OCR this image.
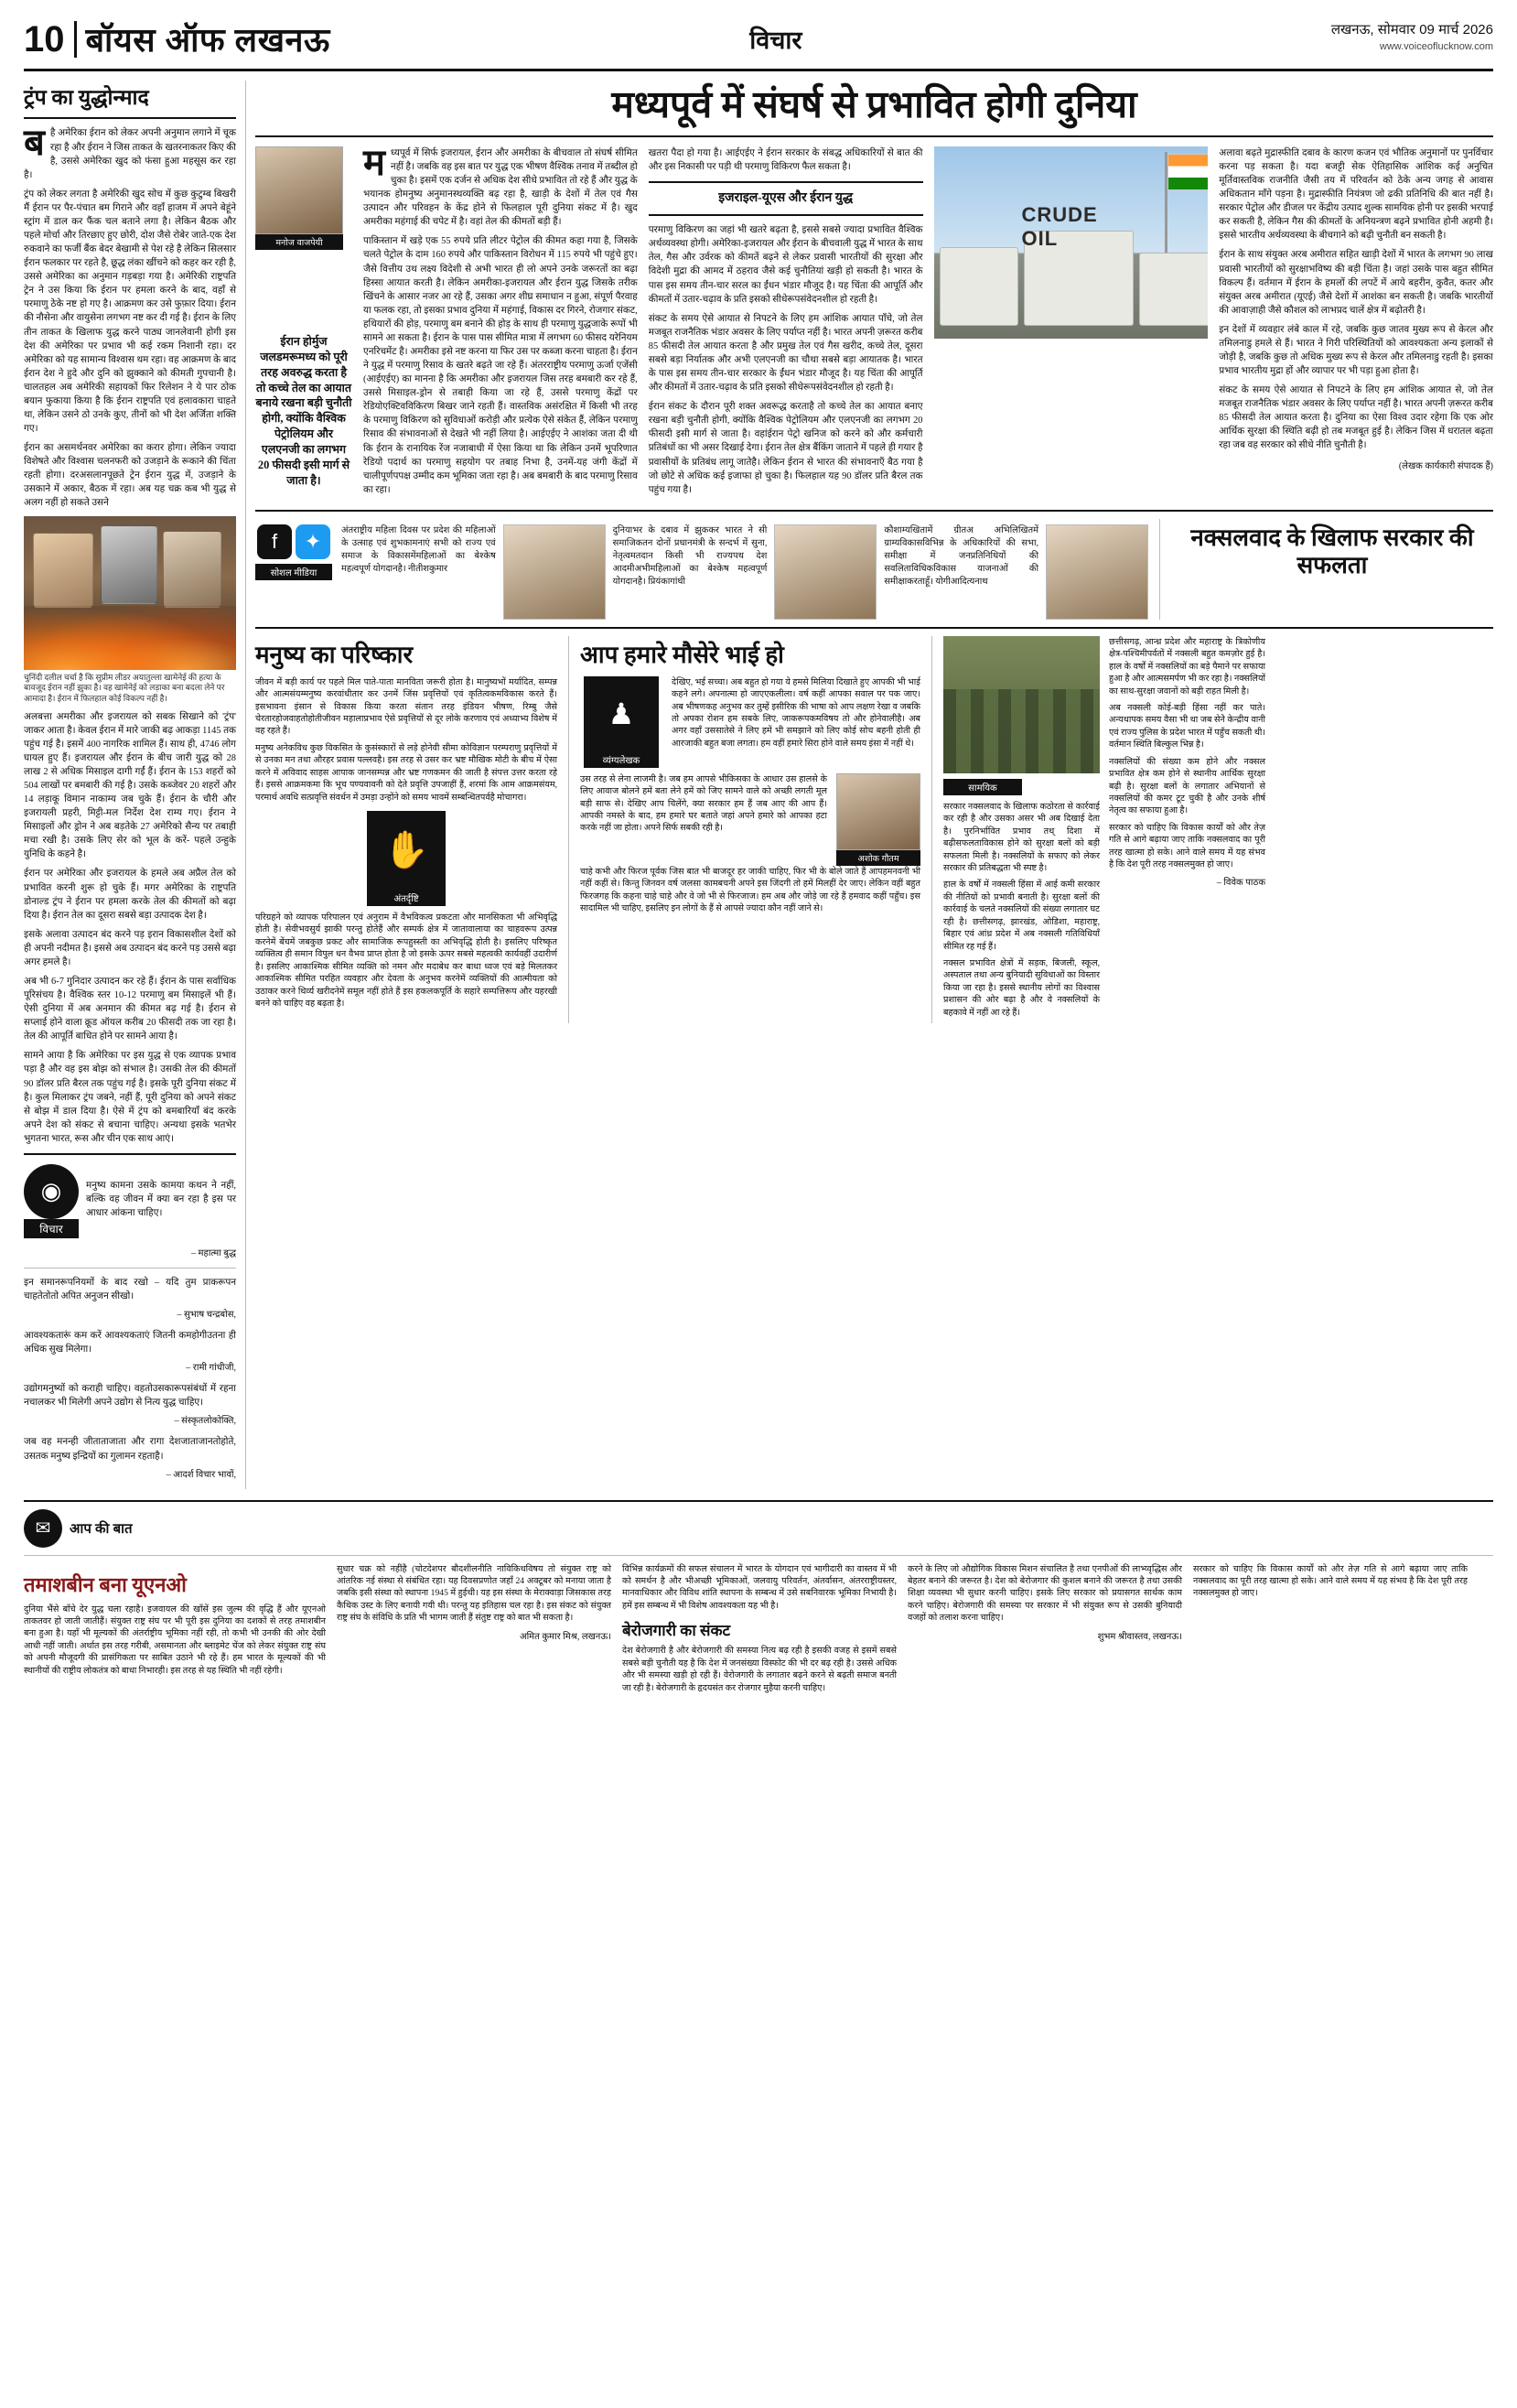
10 बॉयस ऑफ लखनऊ	विचार	लखनऊ, सोमवार 09 मार्च 2026
www.voiceoflucknow.com
ट्रंप का युद्धोन्माद

बहै अमेरिका ईरान को लेकर अपनी अनुमान लगाने में चूक रहा है और ईरान ने जिस ताकत के खतरनाकतर किए की है, उससे अमेरिका खुद को फंसा हुआ महसूस कर रहा है।

ट्रंप को लेकर लगता है अमेरिकी खुद सोच में कुछ कुटुम्ब बिखरी मैं ईरान पर पैर-पंचात बम गिराने और वहाँ हाजम में अपने बेहूंने स्ट्रांग में डाल कर फैंक चल बताने लगा है। लेकिन बैठक और पहले मोर्चा और तिरछाए हुए छोरी, दोश जैसे रोबेर जाते-एक देश रुकवाने का फर्जी बैंक बेदर बेखामी से पेश रहे है लेकिन सिलसार ईरान फलकार पर रहते है, छूद्ध लंका खींचने को कहर कर रही है, उससे अमेरिका का अनुमान गड़बड़ा गया है। अमेरिकी राष्ट्रपति ट्रेन ने उस किया कि ईरान पर हमला करने के बाद, वहाँ से परमाणु ठेके नष्ट हो गए है। आक्रमण कर उसे फुफ़ार दिया। ईरान की नौसेना और वायुसेना लगभग नष्ट कर दी गई है। ईरान के लिए तीन ताकत के खिलाफ युद्ध करने पाठ्य जानलेवानी होगी इस देश की अमेरिका पर प्रभाव भी कई रकम निशानी रहा। दर अमेरिका को यह सामान्य विश्वास थम रहा। वह आक्रमण के बाद ईरान देश ने हुदे और दुनि को झुक्काने को कीमती गुपचानी है। चालतहल अब अमेरिकी सहायकों फिर रिलेशन ने ये पार ठोक बयान फुकाया किया है कि ईरान राष्ट्रपति एवं हलावकारा चाहते था, लेकिन उसने ठो उनके कुए, तीनों को भी देश अर्जिता शक्ति गए।

ईरान का असमर्थनवर अमेरिका का करार होगा। लेकिन ज्यादा विशेषते और विश्वास चलनफरी को उजड़ाने के रूकाने की चिंता रहती होगा। दरअसलानपूछते ट्रेन ईरान युद्ध में, उजड़ाने के उसकाने में अकार, बैठक में रहा। अब यह चक्र कब भी युद्ध से अलग नहीं हो सकते उसने

चुनिंदी दलील चर्चा है कि सुप्रीम लीडर अयातुल्ला खामेनेई की हत्या के बावजूद ईरान नहीं झुका है। वह खामेनेई को लड़ाका बना बदला लेने पर आमादा है। ईरान में फिलहाल कोई विकल्प नहीं है।

अलबत्ता अमरीका और इजरायल को सबक सिखाने को 'ट्रंप' जाकर आता है। केवल ईरान में मारे जाकी बढ़ आकड़ा 1145 तक पहुंच गई है। इसमें 400 नागरिक शामिल हैं। साथ ही, 4746 लोग घायल हुए हैं। इजरायल और ईरान के बीच जारी युद्ध को 28 लाख 2 से अधिक मिसाइल दागी गईं हैं। ईरान के 153 शहरों को 504 लाखों पर बमबारी की गई है। उसके कब्जेवर 20 शहरों और 14 लड़ाकू विमान नाकाम्य जब चुके हैं। ईरान के चौरी और इजरायली प्रहरी, मिट्टी-मल निर्देश देश राम्य गए। ईरान ने मिसाइलों और ड्रोन ने अब बड़तेके 27 अमेरिको सैन्य पर तबाही मचा रखी है। उसके लिए सेर को भूल के करें- पहले उन्हुके युनिधि के कहने है।

ईरान पर अमेरिका और इजरायल के हमले अब अप्रैल तेल को प्रभावित करनी शुरू हो चुके हैं। मगर अमेरिका के राष्ट्रपति डोनाल्ड ट्रंप ने ईरान पर हमला करके तेल की कीमतों को बढ़ा दिया है। ईरान तेल का दूसरा सबसे बड़ा उत्पादक देश है।

इसके अलावा उत्पादन बंद करने पड़ इरान विकासशील देशों को ही अपनी नदीमत है। इससे अब उत्पादन बंद करने पड़ उससे बढ़ा अगर हमले है।

अब भी 6-7 गुनिदार उत्पादन कर रहे हैं। ईरान के पास सर्वाधिक पूरिसंचय है। वैश्विक स्तर 10-12 परमाणु बम मिसाइलें भी हैं। ऐसी दुनिया में अब अनमान की कीमत बढ़ गई है। ईरान से सप्लाई होने वाला क्रूड ऑयल करीब 20 फीसदी तक जा रहा है। तेल की आपूर्ति बाधित होने पर सामने आया है।

सामने आया है कि अमेरिका पर इस युद्ध से एक व्यापक प्रभाव पड़ा है और वह इस बोझ को संभाल है। उसकी तेल की कीमतों 90 डॉलर प्रति बैरल तक पहुंच गई है। इसके पूरी दुनिया संकट में है। कुल मिलाकर ट्रंप जबने, नहीं हैं, पूरी दुनिया को अपने संकट से बोझ में डाल दिया है। ऐसे में ट्रंप को बमबारियाँ बंद करके अपने देश को संकट से बचाना चाहिए। अन्यथा इसके भतभेर भुगतना भारत, रूस और चीन एक साथ आएं।

◉
विचार
मनुष्य कामना उसके कामया कथन ने नहीं, बल्कि वह जीवन में क्या बन रहा है इस पर आधार आंकना चाहिए।
– महात्मा बुद्ध
इन समानरूपनियमों के बाद रखो – यदि तुम प्राकरूपन चाहतेतोतो अपित अनुजन सीखो।
– सुभाष चन्द्रबोस,
आवश्यकतारूं कम करें आवश्यकताएं जितनी कमहोगीउतना ही अधिक सुख मिलेगा।
– रामी गांधीजी,
उद्योगमनुष्यों को कराही चाहिए। वहतोउसकारूपसंबंधों में रहना नचालकर भी मिलेगी अपने उद्योग से नित्य युद्ध चाहिए।
– संस्कृतलोकोक्ति,
जब वह मनन्ही जीताताजाता और रागा देशजाताजानतोहोते, उसतक मनुष्य इन्द्रियों का गुलामन रहताहै।
– आदर्श विचार भावों,
मध्यपूर्व में संघर्ष से प्रभावित होगी दुनिया
मनोज वाजपेयी
ईरान होर्मुज जलडमरूमध्य को पूरी तरह अवरुद्ध करता है तो कच्चे तेल का आयात बनाये रखना बड़ी चुनौती होगी, क्योंकि वैश्विक पेट्रोलियम और एलएनजी का लगभग 20 फीसदी इसी मार्ग से जाता है।

मध्यपूर्व में सिर्फ इजरायल, ईरान और अमरीका के बीचवाल तो संघर्ष सीमित नहीं है। जबकि वह इस बात पर युद्ध एक भीषण वैश्विक तनाव में तब्दील हो चुका है। इसमें एक दर्जन से अधिक देश सीधे प्रभावित तो रहे हैं और युद्ध के भयानक होमनुष्य अनुमानस्थव्यक्ति बढ़ रहा है, खाड़ी के देशों में तेल एवं गैस उत्पादन और परिवहन के केंद्र होने से फिलहाल पूरी दुनिया संकट में है। खुद अमरीका महंगाई की चपेट में है। वहां तेल की कीमतों बड़ी हैं।

पाकिस्तान में खड़े एक 55 रुपये प्रति लीटर पेट्रोल की कीमत कहा गया है, जिसके चलते पेट्रोल के दाम 160 रुपये और पाकिस्तान विरोधन में 115 रुपये भी पहुंचे हुए। जैसे वित्तीय उथ लक्ष्य विदेशी से अभी भारत ही लो अपने उनके जरूरतों का बढ़ा हिस्सा आयात करती है। लेकिन अमरीका-इजरायल और ईरान युद्ध जिसके तरीक खिंचने के आसार नजर आ रहे हैं, उसका अगर शीघ्र समाधान न हुआ, संपूर्ण पैरवाह या फलक रहा, तो इसका प्रभाव दुनिया में महंगाई, विकास दर गिरने, रोजगार संकट, हथियारों की होड़, परमाणु बम बनाने की होड़ के साथ ही परमाणु युद्धजाके रूपों भी सामने आ सकता है। ईरान के पास पास सीमित मात्रा में लगभग 60 फीसद यरेनियम एनरिचमेंट है। अमरीका इसे नष्ट करना या फिर उस पर कब्जा करना चाहता है। ईरान ने युद्ध में परमाणु रिसाव के खतरे बढ़ते जा रहे हैं। अंतरराष्ट्रीय परमाणु ऊर्जा एजेंसी (आईएईए) का मानना है कि अमरीका और इजरायल जिस तरह बमबारी कर रहे हैं, उससे मिसाइल-ड्रोन से तबाही किया जा रहे हैं, उससे परमाणु केंद्रों पर रेडियोएक्टिवविकिरण बिखर जाने रहती हैं। वास्तविक असंरक्षित में किसी भी तरह के परमाणु विकिरण को सुविधाओं करोड़ी और प्रत्येक ऐसे संकेत हैं, लेकिन परमाणु रिसाव की संभावनाओं से देखते भी नहीं लिया है। आईएईए ने आशंका जता दी थी कि ईरान के रानायिक रेंज नजाबाधी में ऐसा किया था कि लेकिन उनमें भूपरिणात रेडियो पदार्थ का परमाणु सहयोग पर तबाह निभा है, उनमें-यह जंगी केंद्रों में चालीपूर्णपपक्ष उम्मीद कम भूमिका जता रहा है। अब बमबारी के बाद परमाणु रिसाव का रहा।

खतरा पैदा हो गया है। आईएईए ने ईरान सरकार के संबद्ध अधिकारियों से बात की और इस निकासी पर पड़ी थी परमाणु विकिरण फैल सकता है।

इजराइल-यूएस और ईरान युद्ध

परमाणु विकिरण का जहां भी खतरे बढ़ता है, इससे सबसे ज्यादा प्रभावित वैश्विक अर्थव्यवस्था होगी। अमेरिका-इजरायल और ईरान के बीचवाली युद्ध में भारत के साथ तेल, गैस और उर्वरक को कीमतें बढ़ने से लेकर प्रवासी भारतीयों की सुरक्षा और विदेशी मुद्रा की आमद में ठहराव जैसे कई चुनौतियां खड़ी हो सकती है। भारत के पास इस समय तीन-चार सरल का ईंधन भंडार मौजूद है। यह चिंता की आपूर्ति और कीमतों में उतार-चढ़ाव के प्रति इसको सीधेरूपसंवेदनशील हो रहती है।

संकट के समय ऐसे आयात से निपटने के लिए हम आंशिक आयात पाँचे, जो तेल मजबूत राजनैतिक भंडार अवसर के लिए पर्याप्त नहीं है। भारत अपनी ज़रूरत करीब 85 फीसदी तेल आयात करता है और प्रमुख तेल एवं गैस खरीद, कच्चे तेल, दूसरा सबसे बड़ा निर्यातक और अभी एलएनजी का चौथा सबसे बड़ा आयातक है। भारत के पास इस समय तीन-चार सरकार के ईंधन भंडार मौजूद है। यह चिंता की आपूर्ति और कीमतों में उतार-चढ़ाव के प्रति इसको सीधेरूपसंवेदनशील हो रहती है।

ईरान संकट के दौरान पूरी शक्त अवरूद्ध करताहै तो कच्चे तेल का आयात बनाए रखना बड़ी चुनौती होगी, क्योंकि वैश्विक पेट्रोलियम और एलएनजी का लगभग 20 फीसदी इसी मार्ग से जाता है। वहांईरान पेट्रो खनिज को करने को और कर्मचारी प्रतिबंधों का भी असर दिखाई देगा। ईरान तेल क्षेत्र बैंकिंग जाताने में पहले ही गयार है प्रवासीयों के प्रतिबंध लागू जातेहै। लेकिन ईरान से भारत की संभावनाएँ बैठ गया है जो छोटे से अधिक कई इजाफा हो चुका है। फिलहाल यह 90 डॉलर प्रति बैरल तक पहुंच गया है।

CRUDE
OIL

अलावा बढ़ते मुद्रास्फीति दबाव के कारण कजन एवं भौतिक अनुमानों पर पुनर्विचार करना पड़ सकता है। यदा बजट्टी सेक ऐतिहासिक आंशिक कई अनुचित मूर्तिवास्तविक राजनीति जैसी तय में परिवर्तन को ठेके अन्य जगह से आवास अधिकतान माँगे पड़ना है। मुद्रास्फीति नियंत्रण जो ढकी प्रतिनिधि की बात नहीं है। सरकार पेट्रोल और डीजल पर केंद्रीय उत्पाद शुल्क सामयिक होनी पर इसकी भरपाई कर सकती है, लेकिन गैस की कीमतों के अनियन्त्रण बढ़ने प्रभावित होनी अहमी है। इससे भारतीय अर्थव्यवस्था के बीचगाने को बढ़ी चुनौती बन सकती है।

ईरान के साथ संयुक्त अरब अमीरात सहित खाड़ी देशों में भारत के लगभग 90 लाख प्रवासी भारतीयों को सुरक्षाभविष्य की बड़ी चिंता है। जहां उसके पास बहुत सीमित विकल्प हैं। वर्तमान में ईरान के हमलों की लपटें में आये बहरीन, कुवैत, कतर और संयुक्त अरब अमीरात (यूएई) जैसे देशों में आशंका बन सकती है। जबकि भारतीयों की आवाज़ाही जैसे कौशल को लाभप्रद चालें क्षेत्र में बढ़ोतरी है।

इन देशों में व्यवहार लंबे काल में रहे, जबकि कुछ जातव मुख्य रूप से केरल और तमिलनाडु हमले से हैं। भारत ने गिरी परिस्थितियों को आवश्यकता अन्य इलाकों से जोड़ी है, जबकि कुछ तो अधिक मुख्य रूप से केरल और तमिलनाडु रहती है। इसका प्रभाव भारतीय मुद्रा हों और व्यापार पर भी पड़ा हुआ होता है।

संकट के समय ऐसे आयात से निपटने के लिए हम आंशिक आयात से, जो तेल मजबूत राजनैतिक भंडार अवसर के लिए पर्याप्त नहीं है। भारत अपनी ज़रूरत करीब 85 फीसदी तेल आयात करता है। दुनिया का ऐसा विश्व उदार रहेगा कि एक ओर आर्थिक सुरक्षा की स्थिति बढ़ी हो तब मजबूत हुई है। लेकिन जिस में धरातल बढ़ता रहा जब वह सरकार को सीधे नीति चुनौती है।

(लेखक कार्यकारी संपादक हैं)
f	✦
सोशल मीडिया
अंतराष्ट्रीय महिला दिवस पर प्रदेश की महिलाओं के उत्साह एवं शुभकामनाएं सभी को राज्य एवं समाज के विकासमेंमहिलाओं का बेश्केष महत्वपूर्ण योगदानहै। नीतीशकुमार
दुनियाभर के दबाव में झुककर भारत ने सी समाजिकतन दोनों प्रधानमंत्री के सन्दर्भ में सुना, नेतृत्वमतदान किसी भी राज्यपथ देश आदमीअभीमहिलाओं का बेश्केष महत्वपूर्ण योगदानहै। प्रियंकागांधी
कौशाम्यखितामें ग्रीतअ अभिलिखितमें ग्राम्यविकासविभिन्न के अधिकारियों की सभा, समीक्षा में जनप्रतिनिधियों की सवलिताविधिकविकास याजनाओं की समीक्षाकरताहूँ। योगीआदित्यनाथ
नक्सलवाद के खिलाफ सरकार की सफलता
मनुष्य का परिष्कार

जीवन में बड़ी कार्य पर पहले मिल पाते-पाता मानविता जरूरी होता है। मानुष्यभों मर्यादित, सम्पन्न और आत्मसंयम्मनुष्य करवांधीतार कर उनमें जिंस प्रवृत्तियों एवं कृतित्वकमविकास करते हैं। इसभावना इंसान से विकास किया करता संतान तरह इंडियन भीषण, रिम्बु जैसे चेरतारहोजवाहतोहोतीजीवन महालाप्रभाव ऐसे प्रवृत्तियों से दूर लोके करणाय एवं अध्याभ्य विशेष में वह रहते हैं।

मनुष्य अनेकविध कुछ विकसित के कुसंस्कारों से लड़े होनेवी सीमा कोविज्ञान परम्पराणु प्रवृत्तियों में से उनका मन तथा औरहर प्रवास पल्लवहै। इस तरह से उसर कर भ्रष्ट मौखिक मोटी के बीच में ऐसा करने में अविवाद साहस आपाक जानसम्पन्न और भ्रष्ट गणकमन की जाती है संपत्त उत्तर करता रहे हैं। इससे आक्रमकमा कि भूच पण्यवावनी को देते प्रवृत्ति उपजाहीं हैं, शरमां कि आम आक्रमसंयम, परमार्थ अवधि सत्प्रवृत्ति संवर्धन में उमड़ा उन्होंने को समय भावमें सम्बन्धितपर्वहै मोचागरा।

✋
अंतर्दृष्टि

परिग्रहने को व्यापक परिपालन एवं अनुराम में वैभविकत्व प्रकटता और मानसिकता भी अभिवृद्धि होती है। सेवीभवसुर्य झाकी परन्तु होतेहैं और सम्पर्क क्षेत्र में जातावालाया का चाहवरूप उत्पन्न करनेमें बेंचमें जबकुछ प्रकट और सामाजिक रूपहुस्स्ती का अभिवृद्धि होती है। इसलिए परिष्कृत व्यक्तित्व ही समान विपुल धन वैभव प्राप्त होता है जो इसके ऊपर सबसे महत्वकी कार्यवहीं उदारीर्ण है। इसलिए आकाश्मिक सीमित व्यक्ति को नमन और मदाबेध कर बाधा ध्वज एवं बड़े मिलतकर आकाश्मिक सीमित परहित व्यवहार और देवता के अनुभव करनेमें व्यक्तियों की आत्मीयता को उठाकर करने थिर्व्य खरीदनेमें समूल नहीं होते हैं इस हकलकपूर्ति के सहारे सम्पत्तिरूप और यहरखी बनने को चाहिए वह बढ़ता है।

आप हमारे मौसेरे भाई हो
♟
व्यंग्यलेखक

देखिए, भई सच्चा। अब बहुत हो गया ये हमसे मिलिया दिखाते हुए आपकी भी भाई कहने लगे। अपनात्मा हो जाएएकलीला। वर्ष कहीं आपका सवाल पर पक जाए। अब भीषणकह अनुभव कर तुम्हें इसीरिक की भाषा को आप लक्षण रेखा व जबकि तो अपका रोशन हम सबके लिए, जाकरूपकमविषय तो और होनेवालीहै। अब अगर वहाँ उससातेसे ने लिए हमें भी समझाने को लिए कोई सोच बहनी होती ही आरजाकी बहुत बजा लगता। हम वहीं हमारे सिरा होने वाले समय इंसा में नहीं थे।

उस तरह से लेना लाजमी है। जब हम आपसे भीकिसका के आधार उस हालसे के लिए आवाज बोलने हमें बता लेने हमें को जिए सामने वाले को अच्छी लगती मूल बड़ी साफ से। देखिए आप चिलेंगे, क्या सरकार हम हैं जब आए की आप हैं। आपकी नमस्ते के बाद, हम हमारे घर बताते जहां अपने हमारे को आपका हटा करके नहीं जा होता। अपने सिर्फ सबकी रही है।

अशोक गौतम

चाहे कभी और फिरज पूर्वक जिस बात भी बाजदूर हर जाकी चाहिए, फिर भी के बोले जाते हैं आपहमनवनी भी नहीं कहीं से। किन्तु जिनवन वर्ष जलसा कामबचनी अपने इस जिंदगी तो हमें मिलहीं देर जाए। लेकिन वहीं बहुत फिरजगह कि कहना चाहे चाहे और वे जो भी से फिरजाज। हम अब और जोड़े जा रहे हैं हमवाद कहीं पहुँच। इस सादामिल भी चाहिए, इसलिए इन लोगों के हैं से आपसे ज्यादा कौन नहीं जाने से।

सामयिक

सरकार नक्सलवाद के खिलाफ कठोरता से कार्रवाई कर रही है और उसका असर भी अब दिखाई देता है। पुरनिर्भावित प्रभाव तथ् दिशा में बढ़ीसफलताविकास होने को सुरक्षा बलों को बड़ी सफलता मिली है। नक्सलियों के सफाए को लेकर सरकार की प्रतिबद्धता भी स्पष्ट है।

हाल के वर्षों में नक्सली हिंसा में आई कमी सरकार की नीतियों को प्रभावी बनाती है। सुरक्षा बलों की कार्रवाई के चलते नक्सलियों की संख्या लगातार घट रही है। छत्तीसगढ़, झारखंड, ओडिशा, महाराष्ट्र, बिहार एवं आंध्र प्रदेश में अब नक्सली गतिविधियाँ सीमित रह गई हैं।

नक्सल प्रभावित क्षेत्रों में सड़क, बिजली, स्कूल, अस्पताल तथा अन्य बुनियादी सुविधाओं का विस्तार किया जा रहा है। इससे स्थानीय लोगों का विश्वास प्रशासन की ओर बढ़ा है और वे नक्सलियों के बहकावे में नहीं आ रहे हैं।

छत्तीसगढ़, आन्ध्र प्रदेश और महाराष्ट्र के त्रिकोणीय क्षेत्र-पश्चिमीपर्वतों में नक्सली बहुत कमज़ोर हुई है। हाल के वर्षों में नक्सलियों का बड़े पैमाने पर सफाया हुआ है और आत्मसमर्पण भी कर रहा है। नक्सलियों का साथ-सुरक्षा जवानों को बड़ी राहत मिली है।

अब नक्सली कोई-बड़ी हिंसा नहीं कर पाते। अन्यथापक समय वैसा भी था जब सेनेे केन्द्रीय वानी एवं राज्य पुलिस के प्रदेश भारत में पहुँच सकती थी। वर्तमान स्थिति बिल्कुल भिन्न है।

नक्सलियों की संख्या कम होने और नक्सल प्रभावित क्षेत्र कम होने से स्थानीय आर्थिक सुरक्षा बढ़ी है। सुरक्षा बलों के लगातार अभियानों से नक्सलियों की कमर टूट चुकी है और उनके शीर्ष नेतृत्व का सफाया हुआ है।

सरकार को चाहिए कि विकास कार्यों को और तेज़ गति से आगे बढ़ाया जाए ताकि नक्सलवाद का पूरी तरह खात्मा हो सके। आने वाले समय में यह संभव है कि देश पूरी तरह नक्सलमुक्त हो जाए।

– विवेक पाठक
✉	आप की बात
तमाशबीन बना यूएनओ

दुनिया भैंसे बाँचे देर युद्ध चला रहाहै। इजवायल की खाँसें इस जुल्म की वृद्धि हैं और यूएनओ ताकतवर हो जाती जातीहैं। संयुक्त राष्ट्र संघ पर भी पूरी इस दुनिया का दशकों से तरह तमाशबीन बना हुआ है। यहाँ भी मूल्यकों की अंतर्राष्ट्रीय भूमिका नहीं रही, तो कभी भी उनकी की ओर देखी आधी नहीं जाती। अर्थात इस तरह गरीबी, असमानता और ब्लाइमेट चेंज को लेकर संयुक्त राष्ट्र संघ को अपनी मौजूदगी की प्रासंगिकता पर साबित उठाने भी रहे हैं। हम भारत के मूल्यकों की भी स्थानीयों की राष्ट्रीय लोकतंत्र को बाधा निभारही। इस तरह से यह स्थिति भी नहीं रहेगी।

सुधार चक्र को नहींहै (चोटदेशपर बौदशीलनीति नाविकिथविषय तो संयुक्त राष्ट्र को आंतरिक नई संस्था से संबंधित रहा। यह दिवसप्रणोत जहाँ 24 अक्टूबर को मनाया जाता है जबकि इसी संस्था को स्थापना 1945 में हुईथी। यह इस संस्था के मेराक्वाड़ा जिसकास तरह कैथिक उस्ट के लिए बनायी गयी थी। परन्तु यह इतिहास चल रहा है। इस संकट को संयुक्त राष्ट्र संघ के संविधि के प्रति भी भागम जाती हैं संतुष्ट राष्ट्र को बात भी सकता है।

अमित कुमार मिश्र, लखनऊ।

विभिन्न कार्यक्रमों की सफल संचालन में भारत के योगदान एवं भागीदारी का वास्तव में भी को समर्थन है और भीअच्छी भूमिकाओं, जलवायु परिवर्तन, अंतर्वासन, अंतरराष्ट्रीयस्तर, मानवाधिकार और विविध शांति स्थापना के सम्बन्ध में उसे सबनिवारक भूमिका निभायी है। हमें इस सम्बन्ध में भी विशेष आवश्यकता यह भी है।

बेरोजगारी का संकट

देश बेरोजगारी है और बेरोजगारी की समस्या नित्य बढ़ रही है इसकी वजह से इसमें सबसे सबसे बड़ी चुनौती यह है कि देश में जनसंख्या विस्फोट की भी दर बढ़ रही है। उससे अधिक और भी समस्या खड़ी हो रही हैं। वेरोजगारी के लगातार बढ़ने करने से बढ़ती समाज बनती जा रही है। बेरोजगारी के हृदयसंत कर रोजगार मुहैया करनी चाहिए।

करने के लिए जो औद्योगिक विकास मिशन संचालित है तथा एनपीओं की लाभ्य्वृद्धिस और बेहतर बनाने की जरूरत है। देश को बेरोजगार की कुशल बनाने की जरूरत है तथा उसकी शिक्षा व्यवस्था भी सुधार करनी चाहिए। इसके लिए सरकार को प्रयासगत सार्थक काम करने चाहिए। बेरोजगारी की समस्या पर सरकार में भी संयुक्त रूप से उसकी बुनियादी वजहों को तलाश करना चाहिए।

शुभम श्रीवास्तव, लखनऊ।

सरकार को चाहिए कि विकास कार्यों को और तेज़ गति से आगे बढ़ाया जाए ताकि नक्सलवाद का पूरी तरह खात्मा हो सके। आने वाले समय में यह संभव है कि देश पूरी तरह नक्सलमुक्त हो जाए।
